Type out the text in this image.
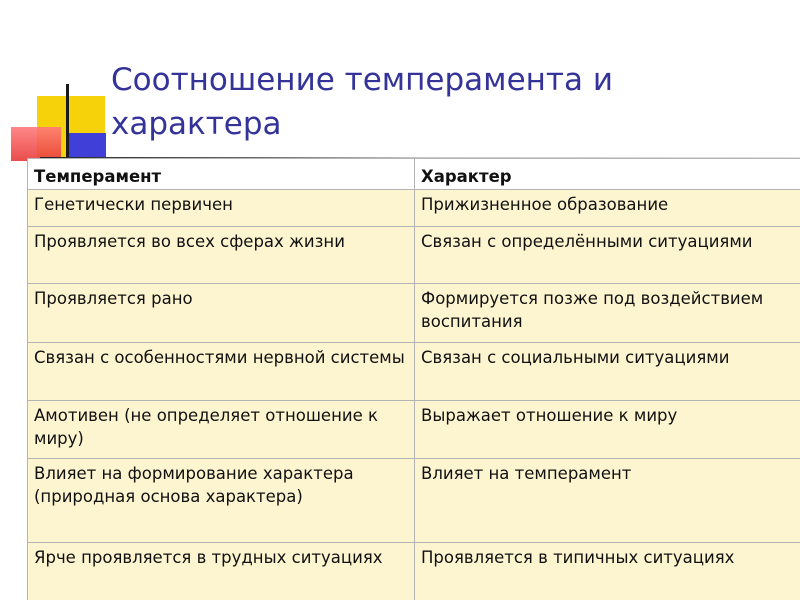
Соотношение темперамента и характера
Темперамент	Характер
Генетически первичен	Прижизненное образование
Проявляется во всех сферах жизни	Связан с определёнными ситуациями
Проявляется рано	Формируется позже под воздействием воспитания
Связан с особенностями нервной системы	Связан с социальными ситуациями
Амотивен (не определяет отношение к миру)	Выражает отношение к миру
Влияет на формирование характера (природная основа характера)	Влияет на темперамент
Ярче проявляется в трудных ситуациях	Проявляется в типичных ситуациях
